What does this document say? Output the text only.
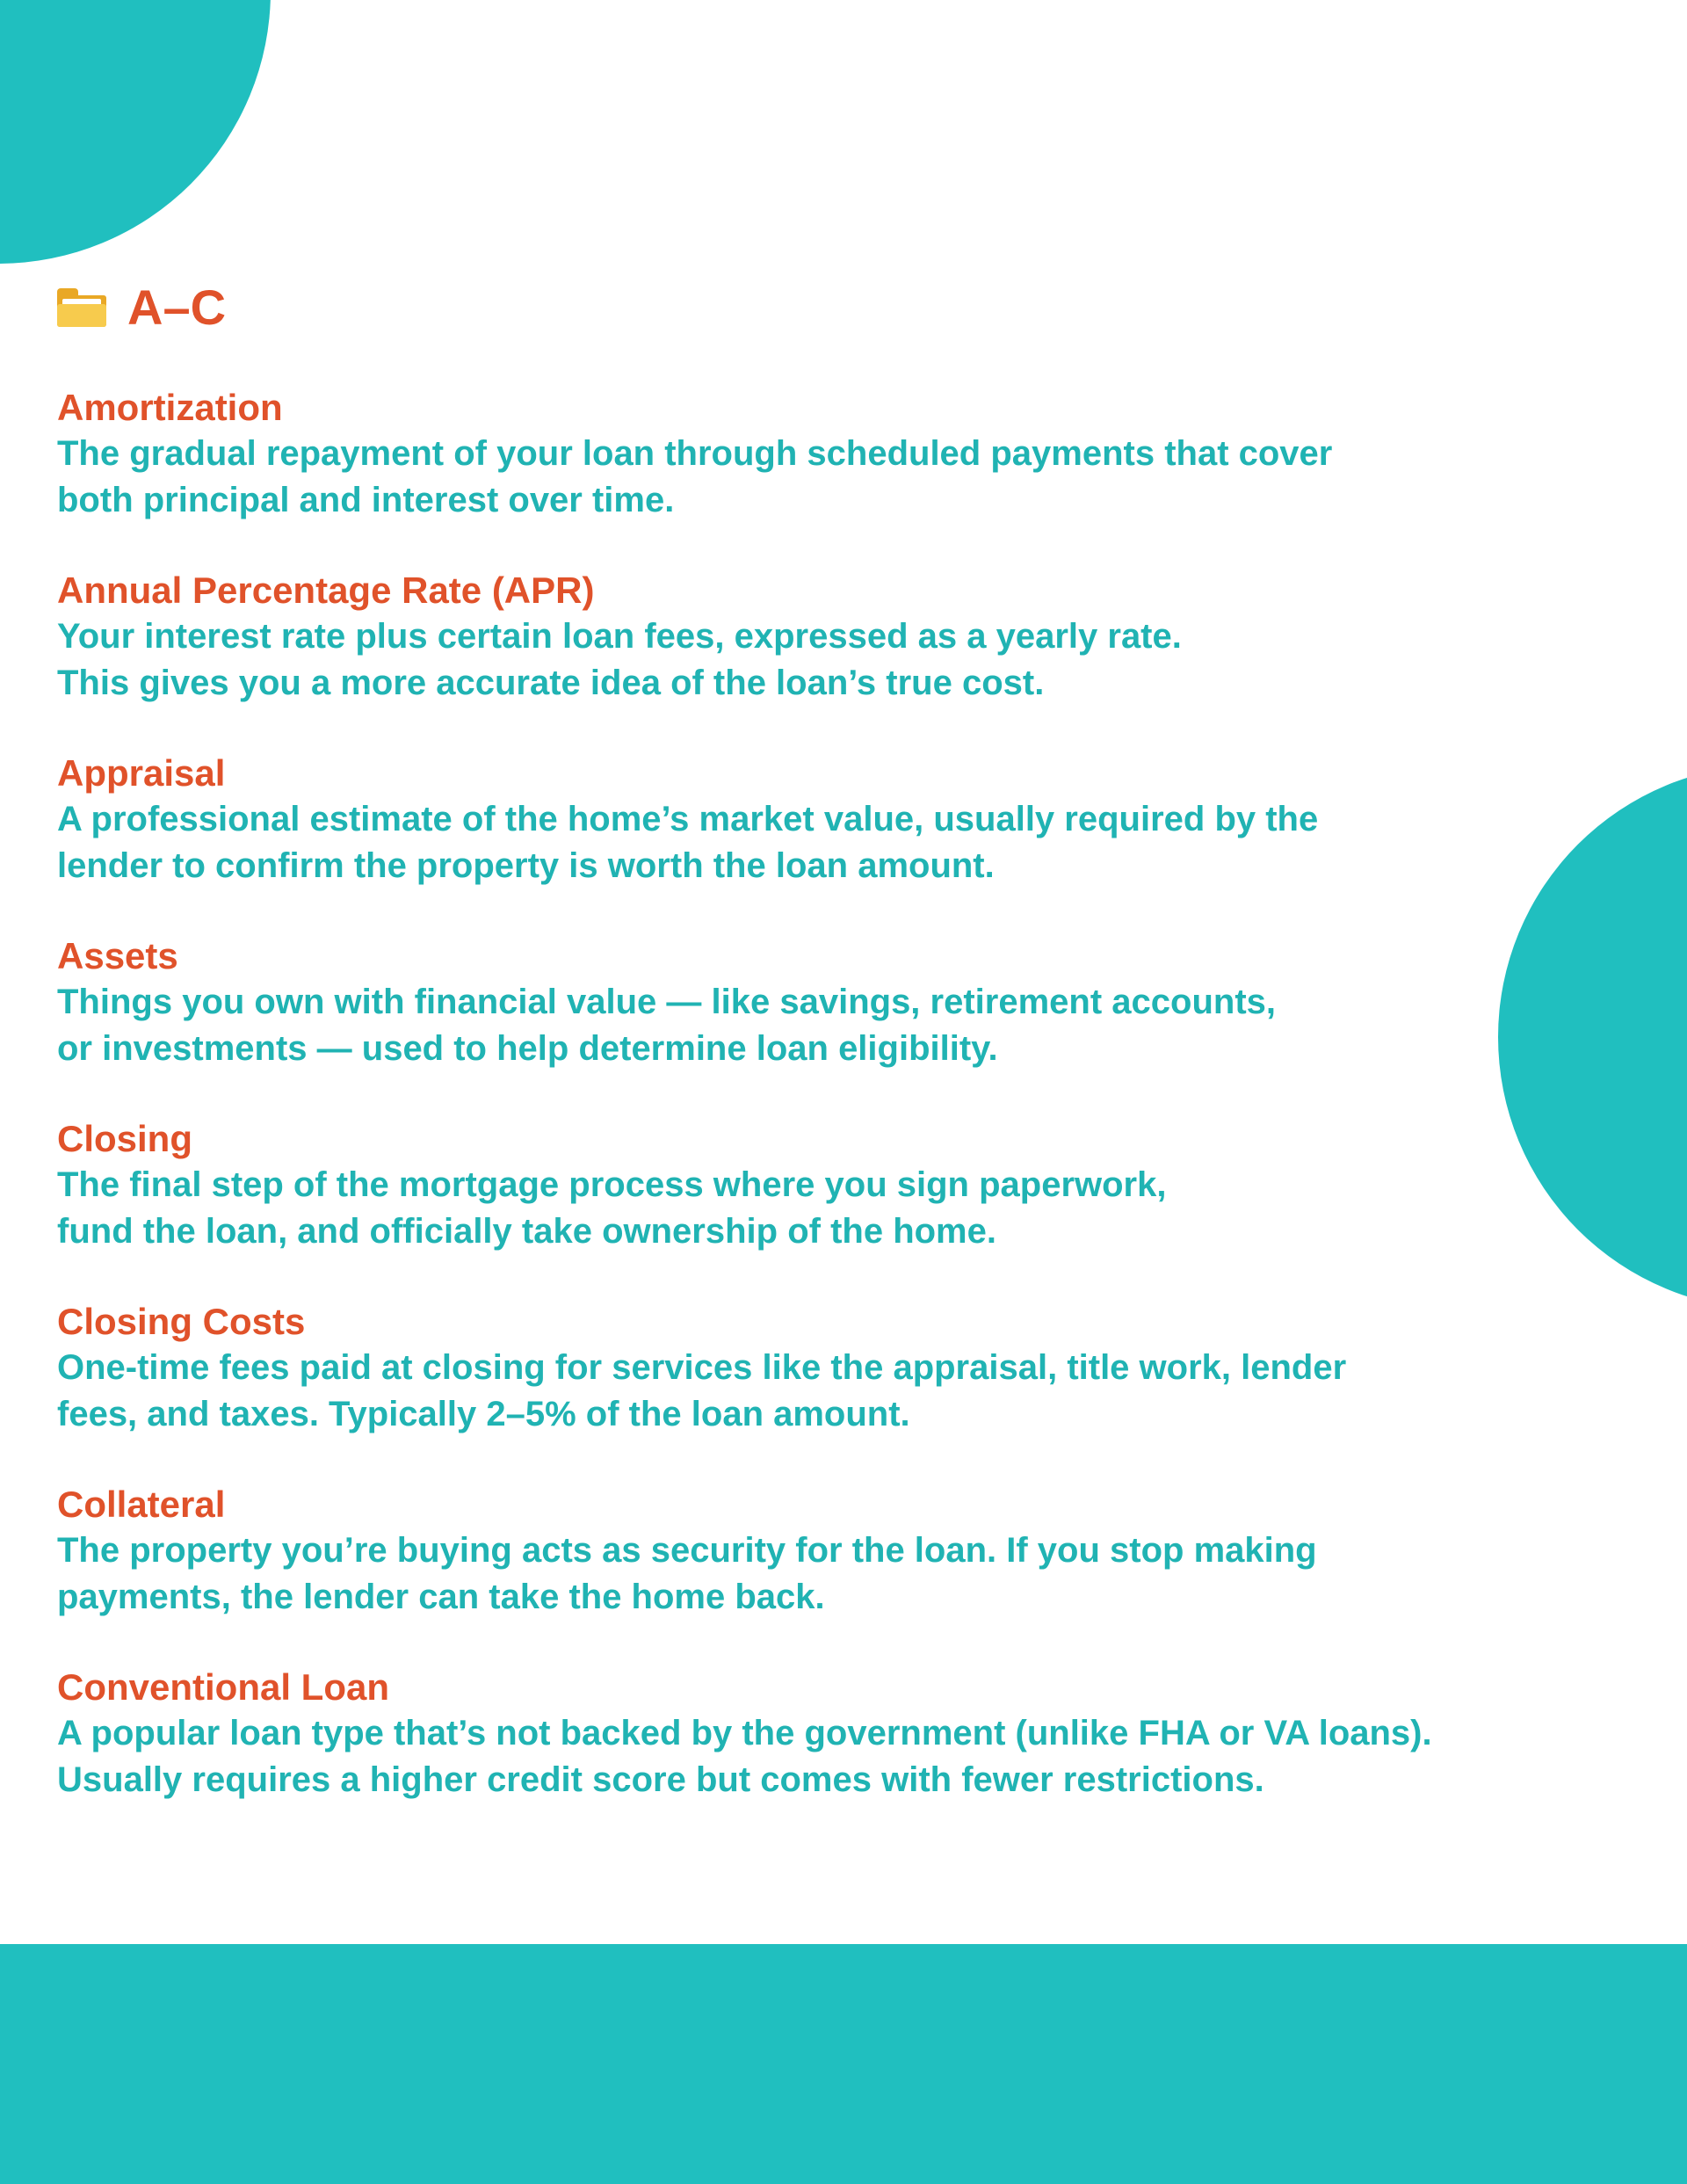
A–C

Amortization

The gradual repayment of your loan through scheduled payments that cover
both principal and interest over time.

Annual Percentage Rate (APR)

Your interest rate plus certain loan fees, expressed as a yearly rate.
This gives you a more accurate idea of the loan’s true cost.

Appraisal

A professional estimate of the home’s market value, usually required by the
lender to confirm the property is worth the loan amount.

Assets

Things you own with financial value — like savings, retirement accounts,
or investments — used to help determine loan eligibility.

Closing

The final step of the mortgage process where you sign paperwork,
fund the loan, and officially take ownership of the home.

Closing Costs

One-time fees paid at closing for services like the appraisal, title work, lender
fees, and taxes. Typically 2–5% of the loan amount.

Collateral

The property you’re buying acts as security for the loan. If you stop making
payments, the lender can take the home back.

Conventional Loan

A popular loan type that’s not backed by the government (unlike FHA or VA loans).
Usually requires a higher credit score but comes with fewer restrictions.
